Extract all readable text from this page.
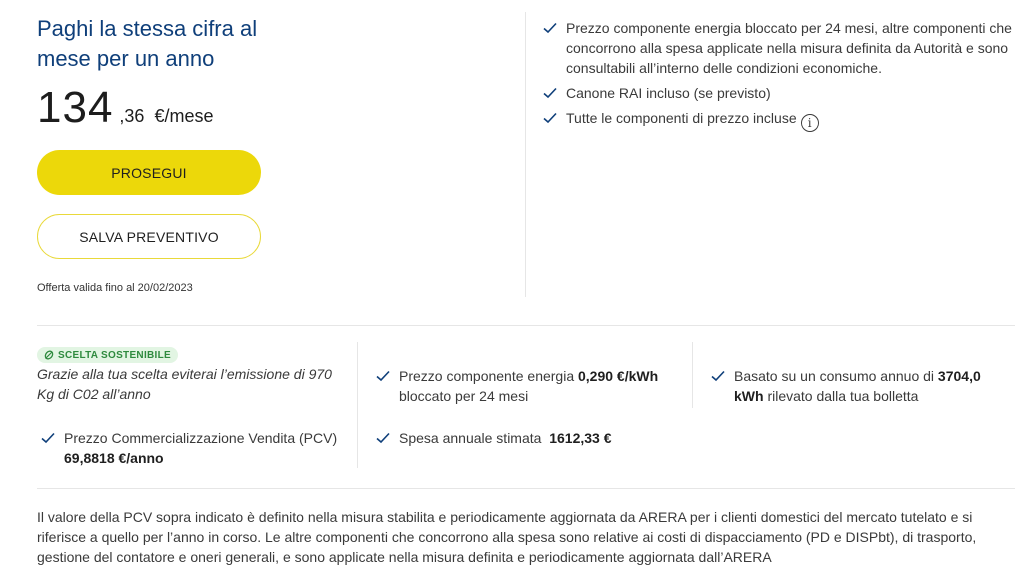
Paghi la stessa cifra al mese per un anno
134 ,36 €/mese
PROSEGUI
SALVA PREVENTIVO
Offerta valida fino al 20/02/2023
Prezzo componente energia bloccato per 24 mesi, altre componenti che concorrono alla spesa applicate nella misura definita da Autorità e sono consultabili all’interno delle condizioni economiche.
Canone RAI incluso (se previsto)
Tutte le componenti di prezzo incluse i
SCELTA SOSTENIBILE
Grazie alla tua scelta eviterai l’emissione di 970 Kg di C02 all’anno
Prezzo componente energia 0,290 €/kWh bloccato per 24 mesi
Basato su un consumo annuo di 3704,0 kWh rilevato dalla tua bolletta
Prezzo Commercializzazione Vendita (PCV) 69,8818 €/anno
Spesa annuale stimata  1612,33 €
Il valore della PCV sopra indicato è definito nella misura stabilita e periodicamente aggiornata da ARERA per i clienti domestici del mercato tutelato e si riferisce a quello per l’anno in corso. Le altre componenti che concorrono alla spesa sono relative ai costi di dispacciamento (PD e DISPbt), di trasporto, gestione del contatore e oneri generali, e sono applicate nella misura definita e periodicamente aggiornata dall’ARERA
